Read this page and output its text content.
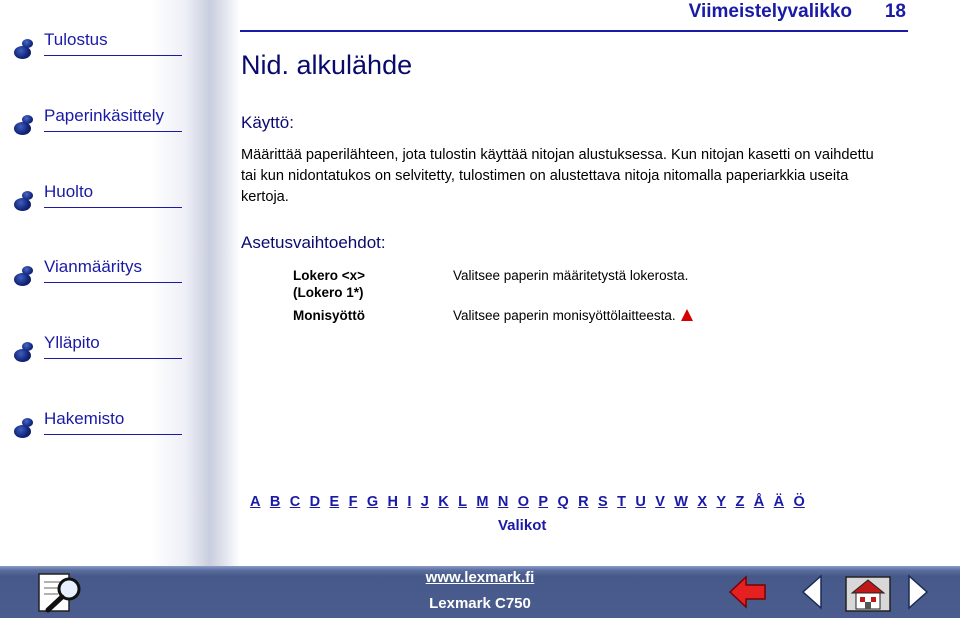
Tulostus
Paperinkäsittely
Huolto
Vianmääritys
Ylläpito
Hakemisto
Viimeistelyvalikko 18
Nid. alkulähde
Käyttö:
Määrittää paperilähteen, jota tulostin käyttää nitojan alustuksessa. Kun nitojan kasetti on vaihdettu tai kun nidontatukos on selvitetty, tulostimen on alustettava nitoja nitomalla paperiarkkia useita kertoja.
Asetusvaihtoehdot:
Lokero <x>
(Lokero 1*)
Valitsee paperin määritetystä lokerosta.
Monisyöttö	Valitsee paperin monisyöttölaitteesta.
A B C D E F G H I J K L M N O P Q R S T U V W X Y Z Å Ä Ö
Valikot
www.lexmark.fi
Lexmark C750
